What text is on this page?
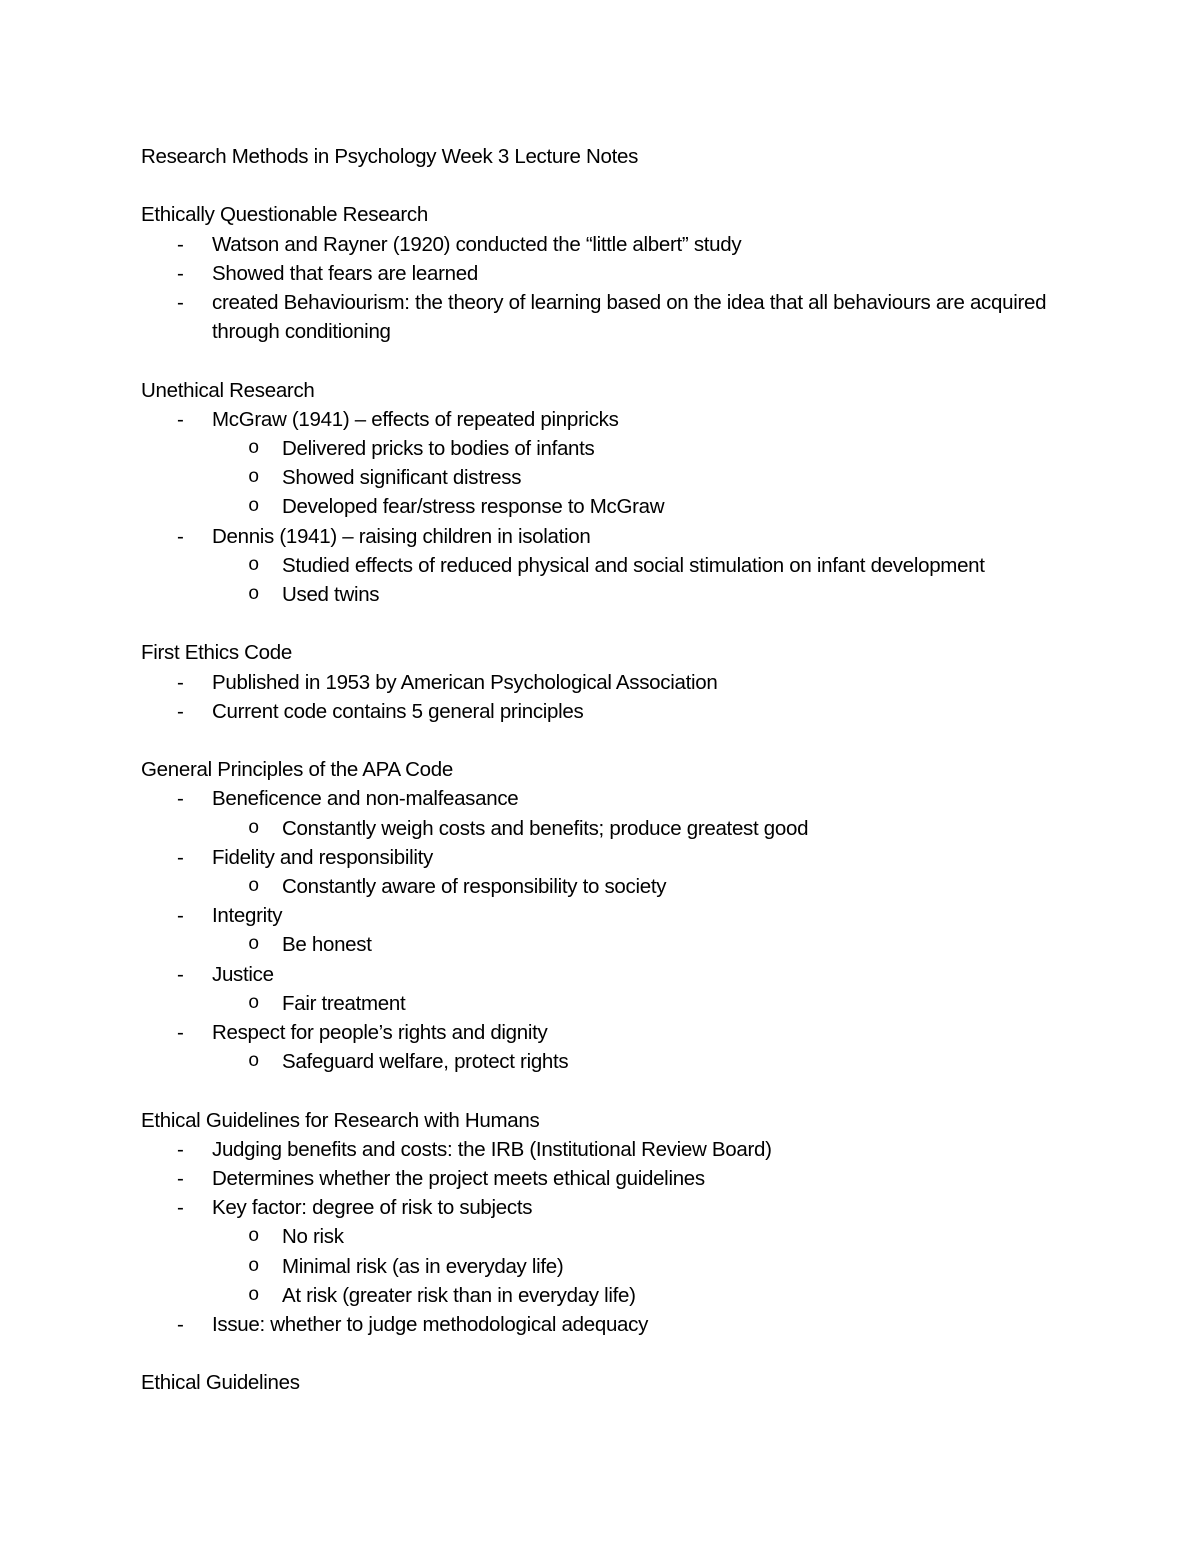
Research Methods in Psychology Week 3 Lecture Notes
Ethically Questionable Research
- Watson and Rayner (1920) conducted the “little albert” study
- Showed that fears are learned
- created Behaviourism: the theory of learning based on the idea that all behaviours are acquired through conditioning
Unethical Research
- McGraw (1941) – effects of repeated pinpricks
o Delivered pricks to bodies of infants
o Showed significant distress
o Developed fear/stress response to McGraw
- Dennis (1941) – raising children in isolation
o Studied effects of reduced physical and social stimulation on infant development
o Used twins
First Ethics Code
- Published in 1953 by American Psychological Association
- Current code contains 5 general principles
General Principles of the APA Code
- Beneficence and non-malfeasance
o Constantly weigh costs and benefits; produce greatest good
- Fidelity and responsibility
o Constantly aware of responsibility to society
- Integrity
o Be honest
- Justice
o Fair treatment
- Respect for people’s rights and dignity
o Safeguard welfare, protect rights
Ethical Guidelines for Research with Humans
- Judging benefits and costs: the IRB (Institutional Review Board)
- Determines whether the project meets ethical guidelines
- Key factor: degree of risk to subjects
o No risk
o Minimal risk (as in everyday life)
o At risk (greater risk than in everyday life)
- Issue: whether to judge methodological adequacy
Ethical Guidelines
